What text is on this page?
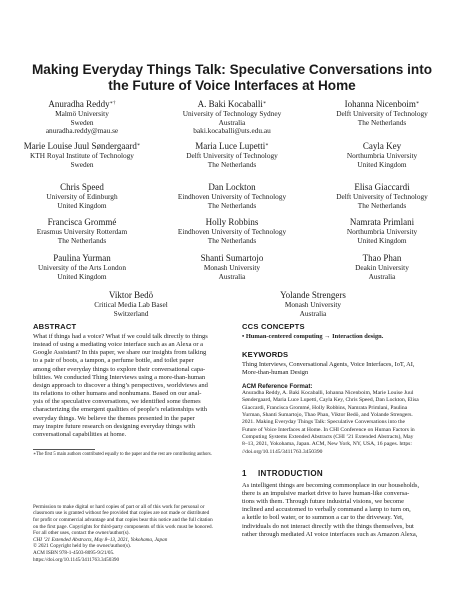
Making Everyday Things Talk: Speculative Conversations into
the Future of Voice Interfaces at Home
Anuradha Reddy∗†
Malmö University
Sweden
anuradha.reddy@mau.se
A. Baki Kocaballi∗
University of Technology Sydney
Australia
baki.kocaballi@uts.edu.au
Iohanna Nicenboim∗
Delft University of Technology
The Netherlands
Marie Louise Juul Søndergaard∗
KTH Royal Institute of Technology
Sweden
Maria Luce Lupetti∗
Delft University of Technology
The Netherlands
Cayla Key
Northumbria University
United Kingdom
Chris Speed
University of Edinburgh
United Kingdom
Dan Lockton
Eindhoven University of Technology
The Netherlands
Elisa Giaccardi
Delft University of Technology
The Netherlands
Francisca Grommé
Erasmus University Rotterdam
The Netherlands
Holly Robbins
Eindhoven University of Technology
The Netherlands
Namrata Primlani
Northumbria University
United Kingdom
Paulina Yurman
University of the Arts London
United Kingdom
Shanti Sumartojo
Monash University
Australia
Thao Phan
Deakin University
Australia
Viktor Bedö
Critical Media Lab Basel
Switzerland
Yolande Strengers
Monash University
Australia
ABSTRACT
What if things had a voice? What if we could talk directly to things
instead of using a mediating voice interface such as an Alexa or a
Google Assistant? In this paper, we share our insights from talking
to a pair of boots, a tampon, a perfume bottle, and toilet paper
among other everyday things to explore their conversational capa-
bilities. We conducted Thing Interviews using a more-than-human
design approach to discover a thing’s perspectives, worldviews and
its relations to other humans and nonhumans. Based on our anal-
ysis of the speculative conversations, we identified some themes
characterizing the emergent qualities of people’s relationships with
everyday things. We believe the themes presented in the paper
may inspire future research on designing everyday things with
conversational capabilities at home.

∗The first 5 main authors contributed equally to the paper and the rest are contributing authors.

Permission to make digital or hard copies of part or all of this work for personal or
classroom use is granted without fee provided that copies are not made or distributed
for profit or commercial advantage and that copies bear this notice and the full citation
on the first page. Copyrights for third-party components of this work must be honored.
For all other uses, contact the owner/author(s).
CHI ’21 Extended Abstracts, May 8–13, 2021, Yokohama, Japan
© 2021 Copyright held by the owner/author(s).
ACM ISBN 978-1-4503-8095-9/21/05.
https://doi.org/10.1145/3411763.3450390
CCS CONCEPTS

• Human-centered computing → Interaction design.

KEYWORDS
Thing Interviews, Conversational Agents, Voice Interfaces, IoT, AI,
More-than-human Design

ACM Reference Format:

Anuradha Reddy, A. Baki Kocaballi, Iohanna Nicenboim, Marie Louise Juul
Søndergaard, Maria Luce Lupetti, Cayla Key, Chris Speed, Dan Lockton, Elisa
Giaccardi, Francisca Grommé, Holly Robbins, Namrata Primlani, Paulina
Yurman, Shanti Sumartojo, Thao Phan, Viktor Bedö, and Yolande Strengers.
2021. Making Everyday Things Talk: Speculative Conversations into the
Future of Voice Interfaces at Home. In CHI Conference on Human Factors in
Computing Systems Extended Abstracts (CHI ’21 Extended Abstracts), May
8–13, 2021, Yokohama, Japan. ACM, New York, NY, USA, 16 pages. https:
//doi.org/10.1145/3411763.3450390
1 INTRODUCTION
As intelligent things are becoming commonplace in our households,
there is an impulsive market drive to have human-like conversa-
tions with them. Through future industrial visions, we become
inclined and accustomed to verbally command a lamp to turn on,
a kettle to boil water, or to summon a car to the driveway. Yet,
individuals do not interact directly with the things themselves, but
rather through mediated AI voice interfaces such as Amazon Alexa,
